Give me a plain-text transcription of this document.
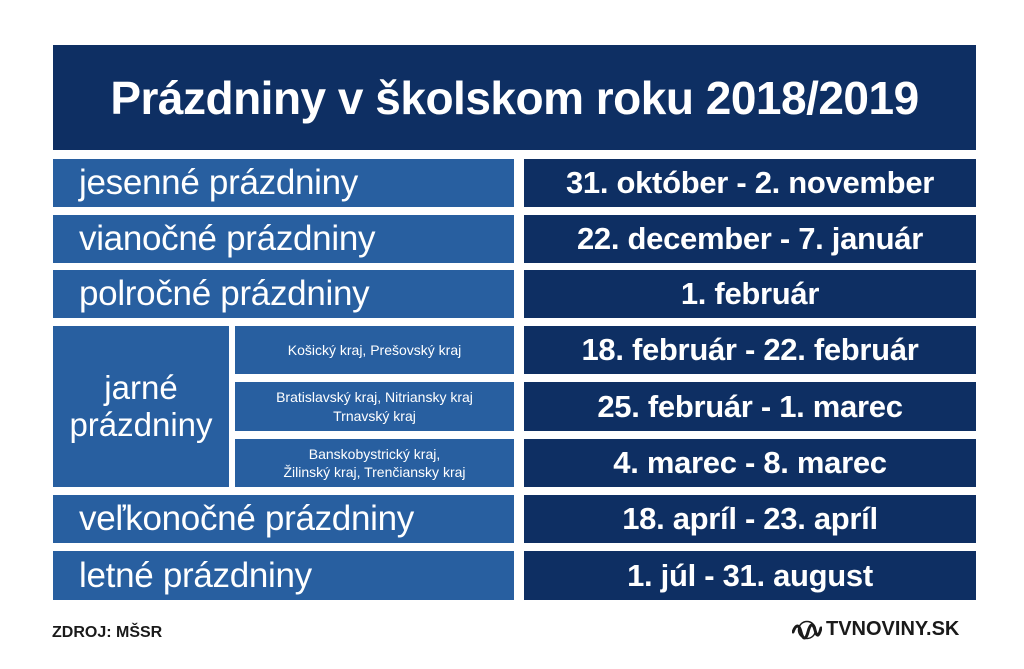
Prázdniny v školskom roku 2018/2019
jesenné prázdniny	31. október - 2. november
vianočné prázdniny	22. december - 7. január
polročné prázdniny	1. február
jarné
prázdniny
Košický kraj, Prešovský kraj	18. február - 22. február
Bratislavský kraj, Nitriansky kraj
Trnavský kraj	25. február - 1. marec
Banskobystrický kraj,
Žilinský kraj, Trenčiansky kraj	4. marec - 8. marec
veľkonočné prázdniny	18. apríl - 23. apríl
letné prázdniny	1. júl - 31. august
ZDROJ: MŠSR	TVNOVINY.SK
